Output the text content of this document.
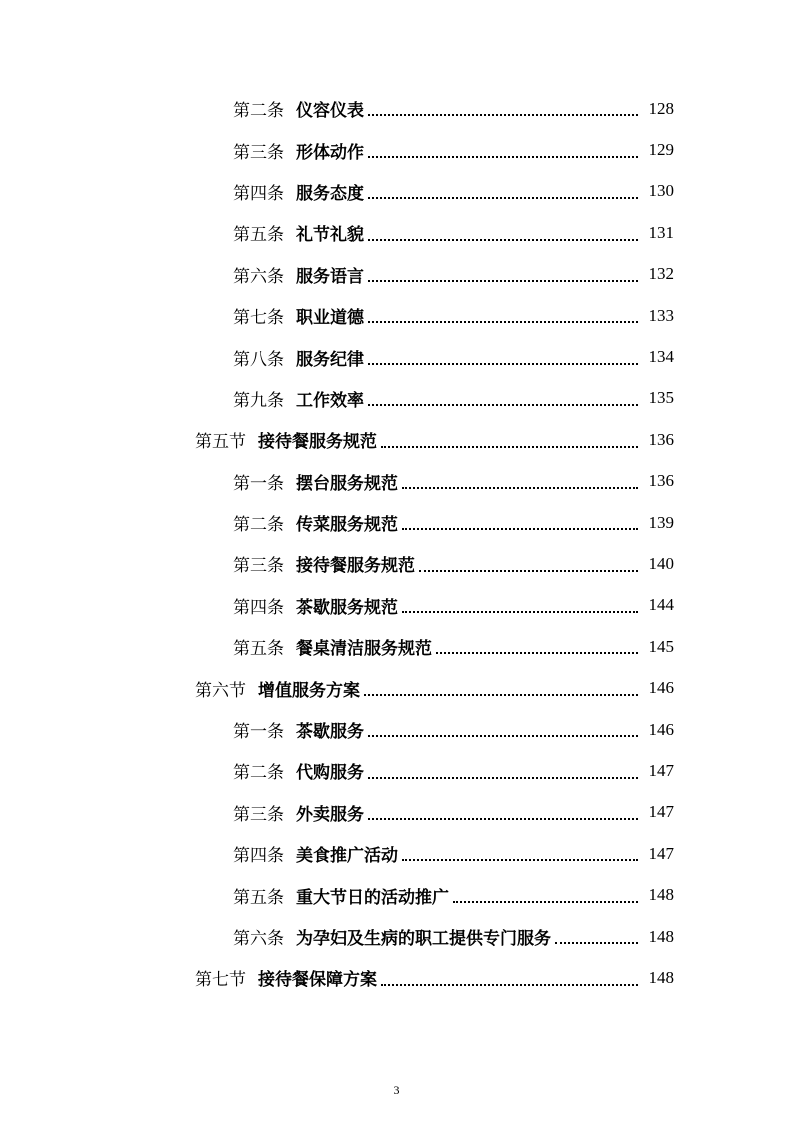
第二条 仪容仪表	128
第三条 形体动作	129
第四条 服务态度	130
第五条 礼节礼貌	131
第六条 服务语言	132
第七条 职业道德	133
第八条 服务纪律	134
第九条 工作效率	135
第五节 接待餐服务规范	136
第一条 摆台服务规范	136
第二条 传菜服务规范	139
第三条 接待餐服务规范	140
第四条 茶歇服务规范	144
第五条 餐桌清洁服务规范	145
第六节 增值服务方案	146
第一条 茶歇服务	146
第二条 代购服务	147
第三条 外卖服务	147
第四条 美食推广活动	147
第五条 重大节日的活动推广	148
第六条 为孕妇及生病的职工提供专门服务	148
第七节 接待餐保障方案	148
3
